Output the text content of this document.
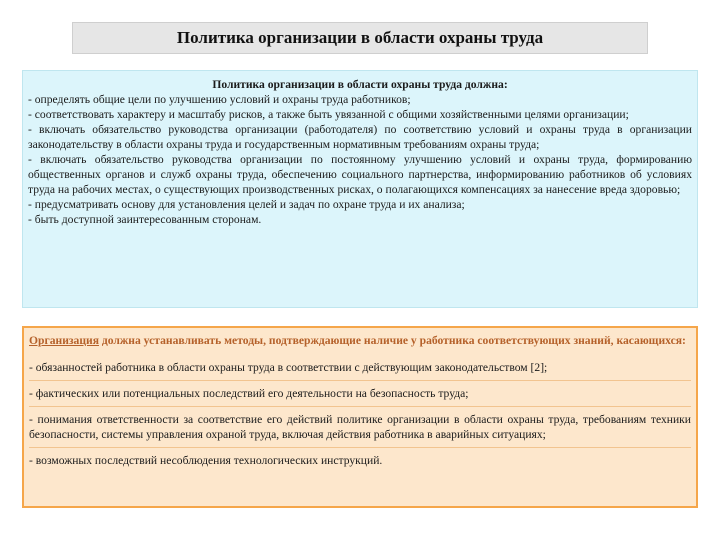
Политика организации в области охраны труда
Политика организации в области охраны труда должна:

- определять общие цели по улучшению условий и охраны труда работников;

- соответствовать характеру и масштабу рисков, а также быть увязанной с общими хозяйственными целями организации;

- включать обязательство руководства организации (работодателя) по соответствию условий и охраны труда в организации законодательству в области охраны труда и государственным нормативным требованиям охраны труда;

- включать обязательство руководства организации по постоянному улучшению условий и охраны труда, формированию общественных органов и служб охраны труда, обеспечению социального партнерства, информированию работников об условиях труда на рабочих местах, о существующих производственных рисках, о полагающихся компенсациях за нанесение вреда здоровью;

- предусматривать основу для установления целей и задач по охране труда и их анализа;

- быть доступной заинтересованным сторонам.

Организация должна устанавливать методы, подтверждающие наличие у работника соответствующих знаний, касающихся:

- обязанностей работника в области охраны труда в соответствии с действующим законодательством [2];

- фактических или потенциальных последствий его деятельности на безопасность труда;

- понимания ответственности за соответствие его действий политике организации в области охраны труда, требованиям техники безопасности, системы управления охраной труда, включая действия работника в аварийных ситуациях;

- возможных последствий несоблюдения технологических инструкций.
